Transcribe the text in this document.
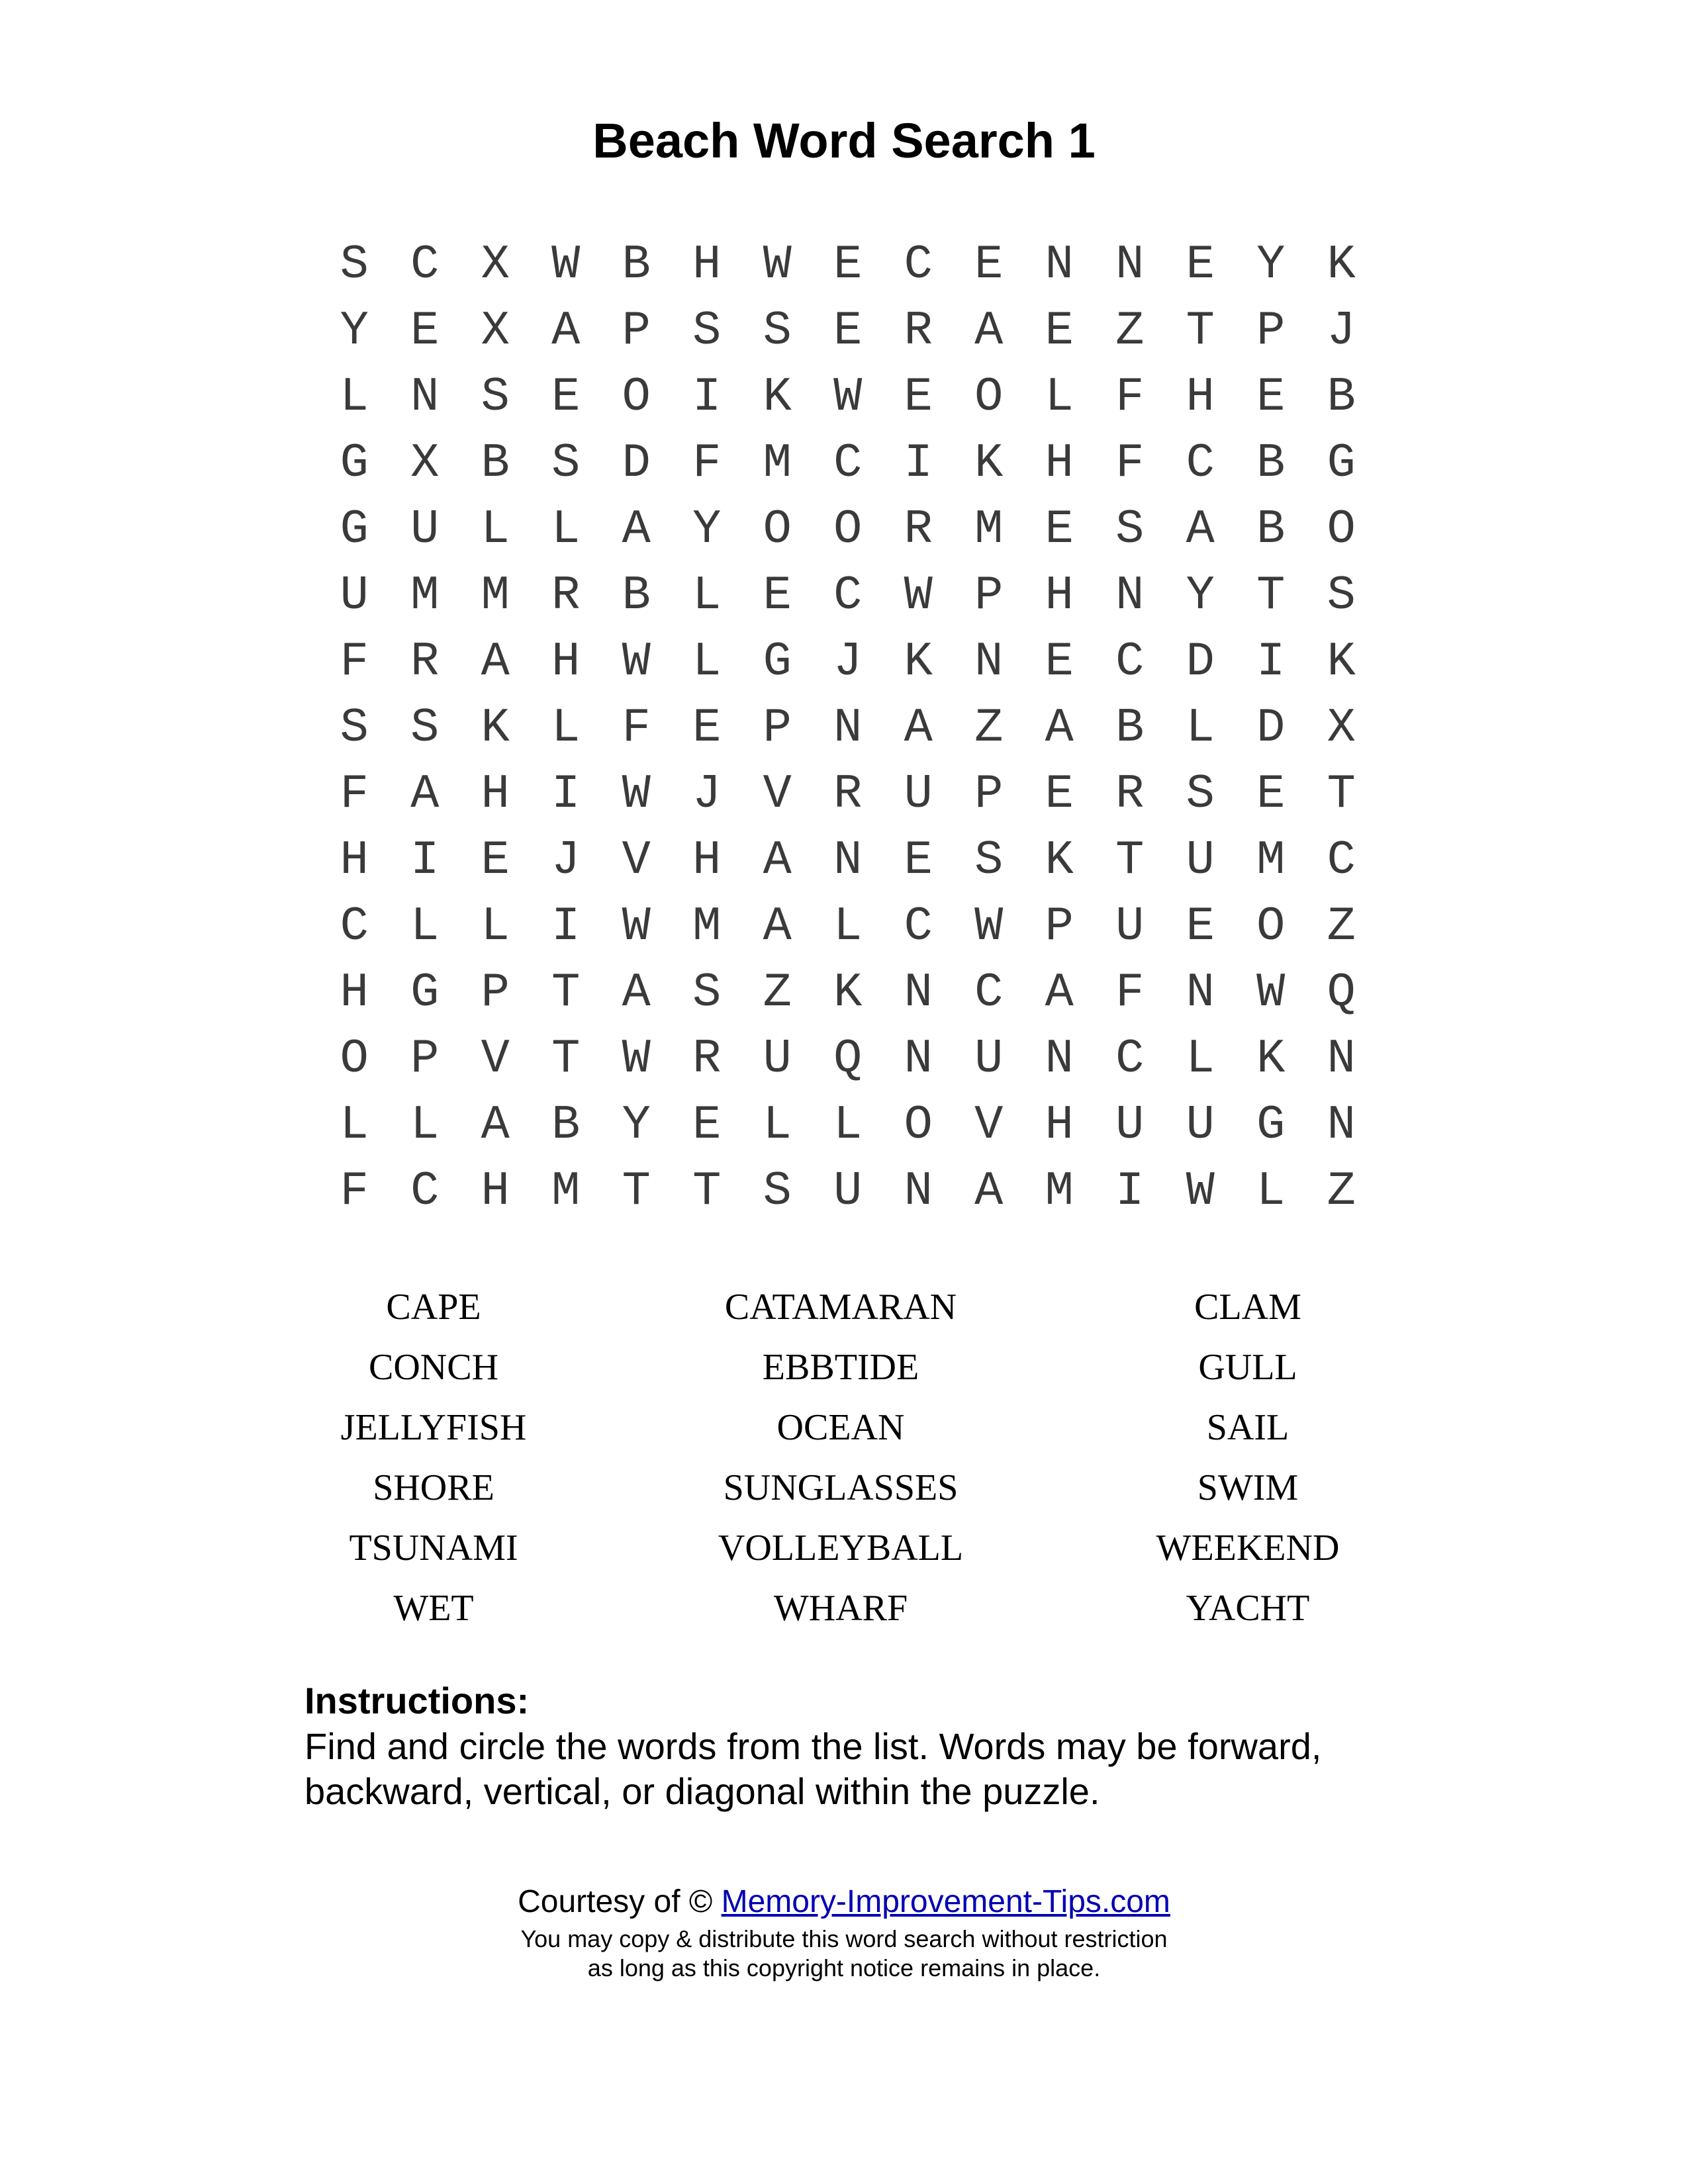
Beach Word Search 1
S C X W B H W E C E N N E Y K
Y E X A P S S E R A E Z T P J
L N S E O I K W E O L F H E B
G X B S D F M C I K H F C B G
G U L L A Y O O R M E S A B O
U M M R B L E C W P H N Y T S
F R A H W L G J K N E C D I K
S S K L F E P N A Z A B L D X
F A H I W J V R U P E R S E T
H I E J V H A N E S K T U M C
C L L I W M A L C W P U E O Z
H G P T A S Z K N C A F N W Q
O P V T W R U Q N U N C L K N
L L A B Y E L L O V H U U G N
F C H M T T S U N A M I W L Z
CAPE	CATAMARAN	CLAM
CONCH	EBBTIDE	GULL
JELLYFISH	OCEAN	SAIL
SHORE	SUNGLASSES	SWIM
TSUNAMI	VOLLEYBALL	WEEKEND
WET	WHARF	YACHT
Instructions:
Find and circle the words from the list. Words may be forward,
backward, vertical, or diagonal within the puzzle.
Courtesy of © Memory-Improvement-Tips.com
You may copy & distribute this word search without restriction
as long as this copyright notice remains in place.
